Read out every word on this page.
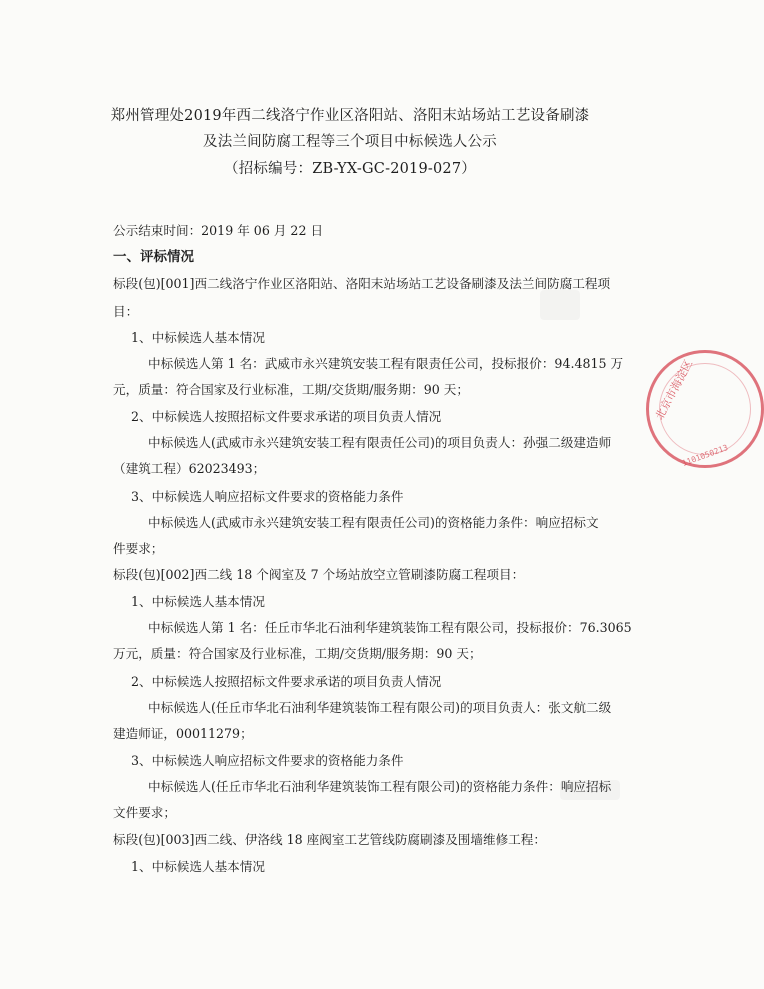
郑州管理处2019年西二线洛宁作业区洛阳站、洛阳末站场站工艺设备刷漆
及法兰间防腐工程等三个项目中标候选人公示
（招标编号：ZB-YX-GC-2019-027）
公示结束时间：2019 年 06 月 22 日
一、评标情况
标段(包)[001]西二线洛宁作业区洛阳站、洛阳末站场站工艺设备刷漆及法兰间防腐工程项
目：
1、中标候选人基本情况
中标候选人第 1 名：武威市永兴建筑安装工程有限责任公司，投标报价：94.4815 万
元，质量：符合国家及行业标准，工期/交货期/服务期：90 天；
2、中标候选人按照招标文件要求承诺的项目负责人情况
中标候选人(武威市永兴建筑安装工程有限责任公司)的项目负责人：孙强二级建造师
（建筑工程）62023493；
3、中标候选人响应招标文件要求的资格能力条件
中标候选人(武威市永兴建筑安装工程有限责任公司)的资格能力条件：响应招标文
件要求；
标段(包)[002]西二线 18 个阀室及 7 个场站放空立管刷漆防腐工程项目：
1、中标候选人基本情况
中标候选人第 1 名：任丘市华北石油利华建筑装饰工程有限公司，投标报价：76.3065
万元，质量：符合国家及行业标准，工期/交货期/服务期：90 天；
2、中标候选人按照招标文件要求承诺的项目负责人情况
中标候选人(任丘市华北石油利华建筑装饰工程有限公司)的项目负责人：张文航二级
建造师证，00011279；
3、中标候选人响应招标文件要求的资格能力条件
中标候选人(任丘市华北石油利华建筑装饰工程有限公司)的资格能力条件：响应招标
文件要求；
标段(包)[003]西二线、伊洛线 18 座阀室工艺管线防腐刷漆及围墙维修工程：
1、中标候选人基本情况
北京市海淀区
1101050213
